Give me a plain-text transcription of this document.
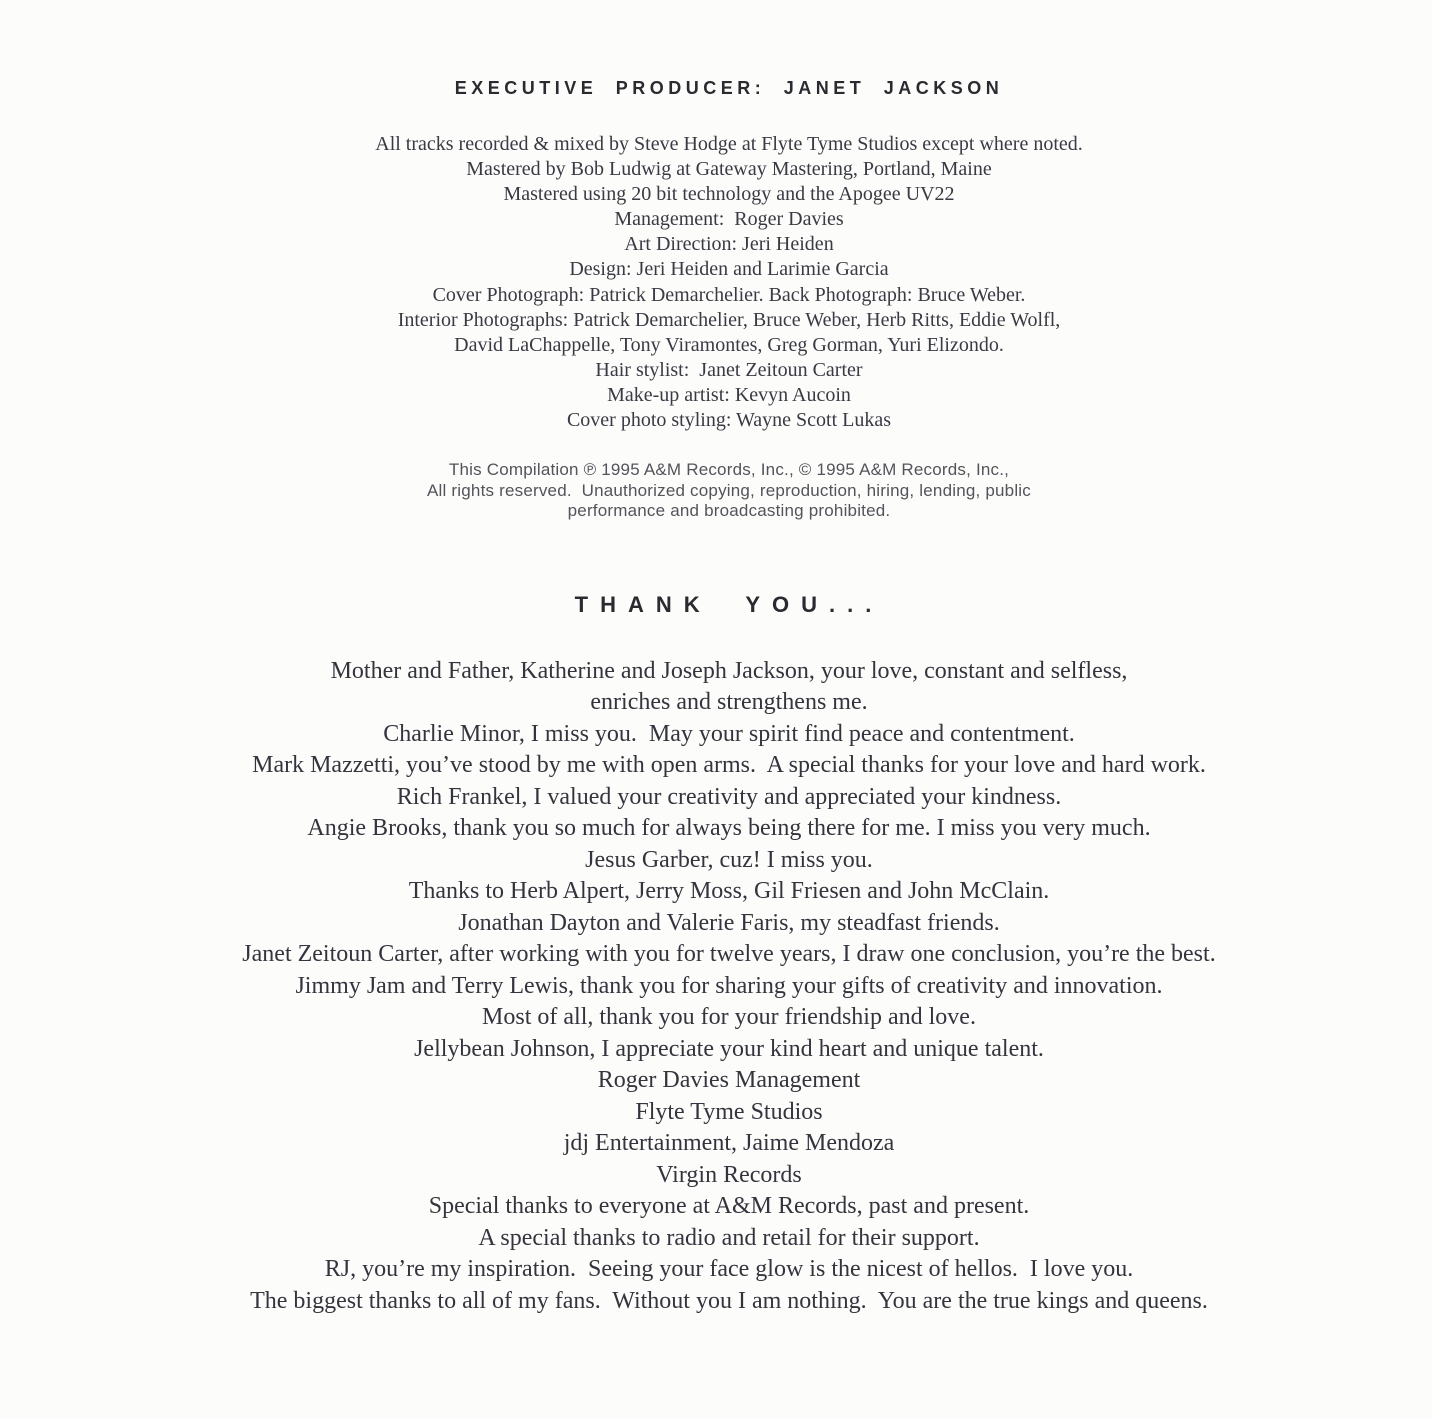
EXECUTIVE PRODUCER: JANET JACKSON
All tracks recorded & mixed by Steve Hodge at Flyte Tyme Studios except where noted.
Mastered by Bob Ludwig at Gateway Mastering, Portland, Maine
Mastered using 20 bit technology and the Apogee UV22
Management:  Roger Davies
Art Direction: Jeri Heiden
Design: Jeri Heiden and Larimie Garcia
Cover Photograph: Patrick Demarchelier. Back Photograph: Bruce Weber.
Interior Photographs: Patrick Demarchelier, Bruce Weber, Herb Ritts, Eddie Wolfl,
David LaChappelle, Tony Viramontes, Greg Gorman, Yuri Elizondo.
Hair stylist:  Janet Zeitoun Carter
Make-up artist: Kevyn Aucoin
Cover photo styling: Wayne Scott Lukas
This Compilation ℗ 1995 A&M Records, Inc., © 1995 A&M Records, Inc.,
All rights reserved.  Unauthorized copying, reproduction, hiring, lending, public
performance and broadcasting prohibited.
THANK YOU...
Mother and Father, Katherine and Joseph Jackson, your love, constant and selfless,
enriches and strengthens me.
Charlie Minor, I miss you.  May your spirit find peace and contentment.
Mark Mazzetti, you’ve stood by me with open arms.  A special thanks for your love and hard work.
Rich Frankel, I valued your creativity and appreciated your kindness.
Angie Brooks, thank you so much for always being there for me. I miss you very much.
Jesus Garber, cuz! I miss you.
Thanks to Herb Alpert, Jerry Moss, Gil Friesen and John McClain.
Jonathan Dayton and Valerie Faris, my steadfast friends.
Janet Zeitoun Carter, after working with you for twelve years, I draw one conclusion, you’re the best.
Jimmy Jam and Terry Lewis, thank you for sharing your gifts of creativity and innovation.
Most of all, thank you for your friendship and love.
Jellybean Johnson, I appreciate your kind heart and unique talent.
Roger Davies Management
Flyte Tyme Studios
jdj Entertainment, Jaime Mendoza
Virgin Records
Special thanks to everyone at A&M Records, past and present.
A special thanks to radio and retail for their support.
RJ, you’re my inspiration.  Seeing your face glow is the nicest of hellos.  I love you.
The biggest thanks to all of my fans.  Without you I am nothing.  You are the true kings and queens.
